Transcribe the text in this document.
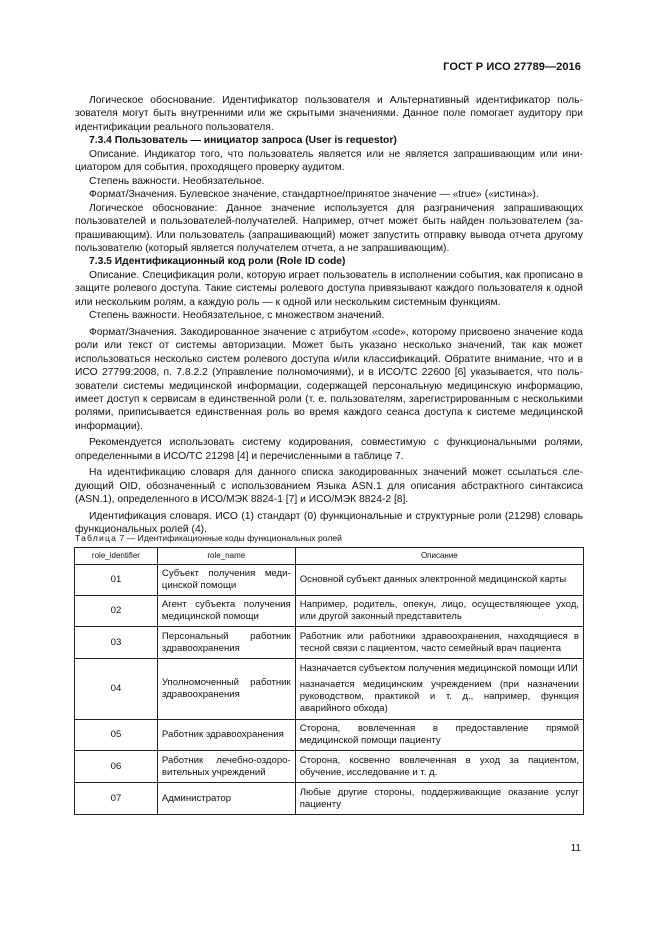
ГОСТ Р ИСО 27789—2016

Логическое обоснование. Идентификатор пользователя и Альтернативный идентификатор пользователя могут быть внутренними или же скрытыми значениями. Данное поле помогает аудитору при идентификации реального пользователя.

7.3.4 Пользователь — инициатор запроса (User is requestor)

Описание. Индикатор того, что пользователь является или не является запрашивающим или инициатором для события, проходящего проверку аудитом.

Степень важности. Необязательное.

Формат/Значения. Булевское значение, стандартное/принятое значение — «true» («истина»).

Логическое обоснование: Данное значение используется для разграничения запрашивающих пользователей и пользователей-получателей. Например, отчет может быть найден пользователем (запрашивающим). Или пользователь (запрашивающий) может запустить отправку вывода отчета другому пользователю (который является получателем отчета, а не запрашивающим).

7.3.5 Идентификационный код роли (Role ID code)

Описание. Спецификация роли, которую играет пользователь в исполнении события, как прописано в защите ролевого доступа. Такие системы ролевого доступа привязывают каждого пользователя к одной или нескольким ролям, а каждую роль — к одной или нескольким системным функциям.

Степень важности. Необязательное, с множеством значений.

Формат/Значения. Закодированное значение с атрибутом «code», которому присвоено значение кода роли или текст от системы авторизации. Может быть указано несколько значений, так как может использоваться несколько систем ролевого доступа и/или классификаций. Обратите внимание, что и в ИСО 27799:2008, п. 7.8.2.2 (Управление полномочиями), и в ИСО/ТС 22600 [6] указывается, что пользователи системы медицинской информации, содержащей персональную медицинскую информацию, имеет доступ к сервисам в единственной роли (т. е. пользователям, зарегистрированным с несколькими ролями, приписывается единственная роль во время каждого сеанса доступа к системе медицинской информации).

Рекомендуется использовать систему кодирования, совместимую с функциональными ролями, определенными в ИСО/ТС 21298 [4] и перечисленными в таблице 7.

На идентификацию словаря для данного списка закодированных значений может ссылаться следующий OID, обозначенный с использованием Языка ASN.1 для описания абстрактного синтаксиса (ASN.1), определенного в ИСО/МЭК 8824-1 [7] и ИСО/МЭК 8824-2 [8].

Идентификация словаря. ИСО (1) стандарт (0) функциональные и структурные роли (21298) словарь функциональных ролей (4).

Таблица 7 — Идентификационные коды функциональных ролей
role_identifier	role_name	Описание
01	Субъект получения медицинской помощи	Основной субъект данных электронной медицинской карты
02	Агент субъекта получения медицинской помощи	Например, родитель, опекун, лицо, осуществляющее уход, или другой законный представитель
03	Персональный работник здравоохранения	Работник или работники здравоохранения, находящиеся в тесной связи с пациентом, часто семейный врач пациента
04	Уполномоченный работник здравоохранения	Назначается субъектом получения медицинской помощи ИЛИ
назначается медицинским учреждением (при назначении руководством, практикой и т. д., например, функция аварийного обхода)

05	Работник здравоохранения	Сторона, вовлеченная в предоставление прямой медицинской помощи пациенту
06	Работник лечебно-оздоровительных учреждений	Сторона, косвенно вовлеченная в уход за пациентом, обучение, исследование и т. д.
07	Администратор	Любые другие стороны, поддерживающие оказание услуг пациенту
11
